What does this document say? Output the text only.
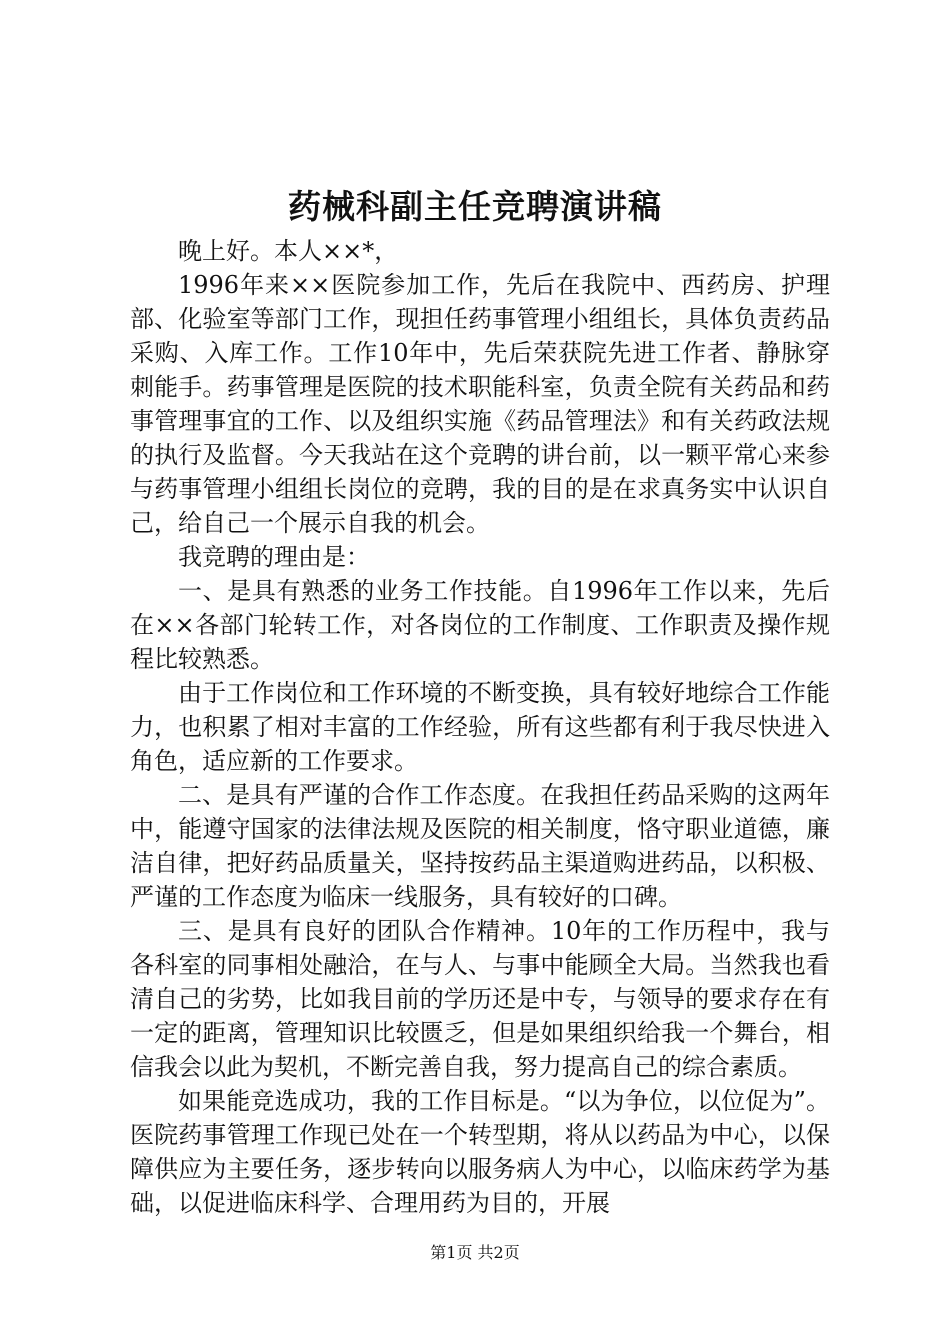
药械科副主任竞聘演讲稿

晚上好。本人××*，

1996年来××医院参加工作，先后在我院中、西药房、护理部、化验室等部门工作，现担任药事管理小组组长，具体负责药品采购、入库工作。工作10年中，先后荣获院先进工作者、静脉穿刺能手。药事管理是医院的技术职能科室，负责全院有关药品和药事管理事宜的工作、以及组织实施《药品管理法》和有关药政法规的执行及监督。今天我站在这个竞聘的讲台前，以一颗平常心来参与药事管理小组组长岗位的竞聘，我的目的是在求真务实中认识自己，给自己一个展示自我的机会。

我竞聘的理由是：

一、是具有熟悉的业务工作技能。自1996年工作以来，先后在××各部门轮转工作，对各岗位的工作制度、工作职责及操作规程比较熟悉。

由于工作岗位和工作环境的不断变换，具有较好地综合工作能力，也积累了相对丰富的工作经验，所有这些都有利于我尽快进入角色，适应新的工作要求。

二、是具有严谨的合作工作态度。在我担任药品采购的这两年中，能遵守国家的法律法规及医院的相关制度，恪守职业道德，廉洁自律，把好药品质量关，坚持按药品主渠道购进药品，以积极、严谨的工作态度为临床一线服务，具有较好的口碑。

三、是具有良好的团队合作精神。10年的工作历程中，我与各科室的同事相处融洽，在与人、与事中能顾全大局。当然我也看清自己的劣势，比如我目前的学历还是中专，与领导的要求存在有一定的距离，管理知识比较匮乏，但是如果组织给我一个舞台，相信我会以此为契机，不断完善自我，努力提高自己的综合素质。

如果能竞选成功，我的工作目标是。“以为争位，以位促为”。医院药事管理工作现已处在一个转型期，将从以药品为中心，以保障供应为主要任务，逐步转向以服务病人为中心，以临床药学为基础，以促进临床科学、合理用药为目的，开展

第1页 共2页
